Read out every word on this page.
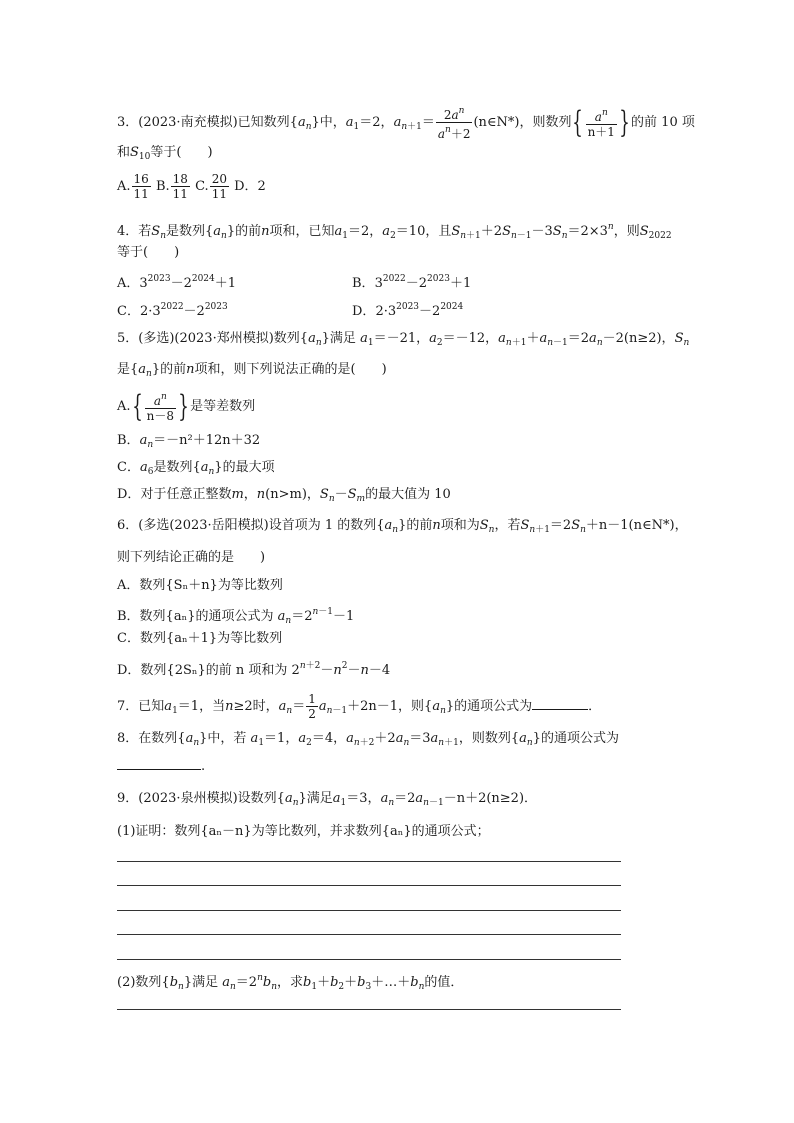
3．(2023·南充模拟)已知数列$\{a_n\}$中，$a_1=2$，$a_{n+1}= \frac{2a^n}{a^n+2}$ (n∈N*)，则数列{ $\frac{a^n}{n+1}$ }的前 10 项
和$S_{10}$等于(　　)
A. $\frac{16}{11} B$. $\frac{18}{11} C$. $\frac{20}{11}$ D．2
4．若$S_n$是数列$\{a_n\}$的前n项和，已知$a_1=2$，$a_2=10$，且$S_{n+1}+2S_{n-1}-3S_n=2\times 3^n$，则$S_{2022}$
等于(　　)
A．$3^{2023}-2^{2024}+1$	B．$3^{2022}-2^{2023}+1$
C．$2\cdot 3^{2022}-2^{2023}$	D．$2\cdot 3^{2023}-2^{2024}$
5．(多选)(2023·郑州模拟)数列$\{a_n\}$满足 $a_1=-21$，$a_2=-12$，$a_{n+1}+a_{n-1}=2a_n-2(n\ge 2)$，$S_n$
是$\{a_n\}$的前n项和，则下列说法正确的是(　　)
$A.\{ \frac{a^n}{n-8}$ }是等差数列
B．$a_n=-n^2+12n+32$
C．$a_6$是数列$\{a_n\}$的最大项
D．对于任意正整数m，n(n>m)，$S_n-S_m$的最大值为 10
6．(多选(2023·岳阳模拟)设首项为 1 的数列$\{a_n\}$的前n项和为$S_n$，若$S_{n+1}=2S_n+n-1(n\in N*)$，
则下列结论正确的是　　)
A．数列{Sₙ＋n}为等比数列
B．数列{aₙ}的通项公式为 $a_n=2^{n-1}-1$
C．数列{aₙ＋1}为等比数列
D．数列{2Sₙ}的前 n 项和为 $2^{n+2}-n^2-n-4$
7．已知$a_1=1$，当n≥2时，$a_n= \frac{1}{2} a_{n-1}+2n-1$，则$\{a_n\}$的通项公式为	．
8．在数列$\{a_n\}$中，若 $a_1=1$，$a_2=4$，$a_{n+2}+2a_n=3a_{n+1}$，则数列$\{a_n\}$的通项公式为
.
9．(2023·泉州模拟)设数列$\{a_n\}$满足$a_1=3$，$a_n=2a_{n-1}-n+2(n\ge 2)$．
(1)证明：数列{aₙ－n}为等比数列，并求数列{aₙ}的通项公式；
(2)数列$\{b_n\}$满足 $a_n=2^nb_n$，求$b_1+b_2+b_3+\dots+b_n$的值．
